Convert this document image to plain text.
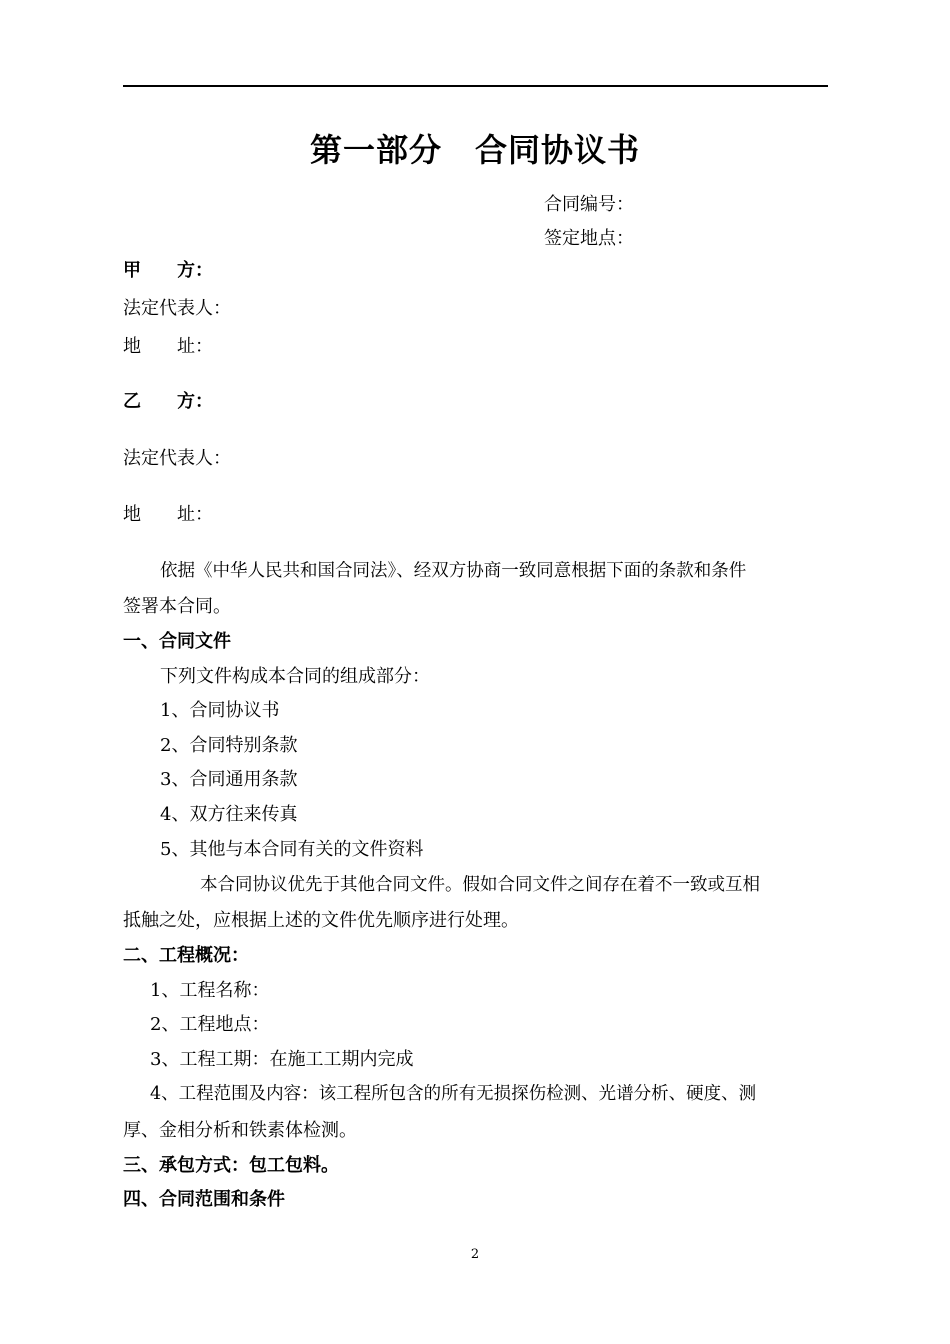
第一部分　合同协议书
合同编号：
签定地点：
甲　　方：
法定代表人：
地　　址：
乙　　方：
法定代表人：
地　　址：
依据《中华人民共和国合同法》、经双方协商一致同意根据下面的条款和条件
签署本合同。
一、合同文件
下列文件构成本合同的组成部分：
1、合同协议书
2、合同特别条款
3、合同通用条款
4、双方往来传真
5、其他与本合同有关的文件资料
本合同协议优先于其他合同文件。假如合同文件之间存在着不一致或互相
抵触之处，应根据上述的文件优先顺序进行处理。
二、工程概况：
1、工程名称：
2、工程地点：
3、工程工期：在施工工期内完成
4、工程范围及内容：该工程所包含的所有无损探伤检测、光谱分析、硬度、测
厚、金相分析和铁素体检测。
三、承包方式：包工包料。
四、合同范围和条件
2
